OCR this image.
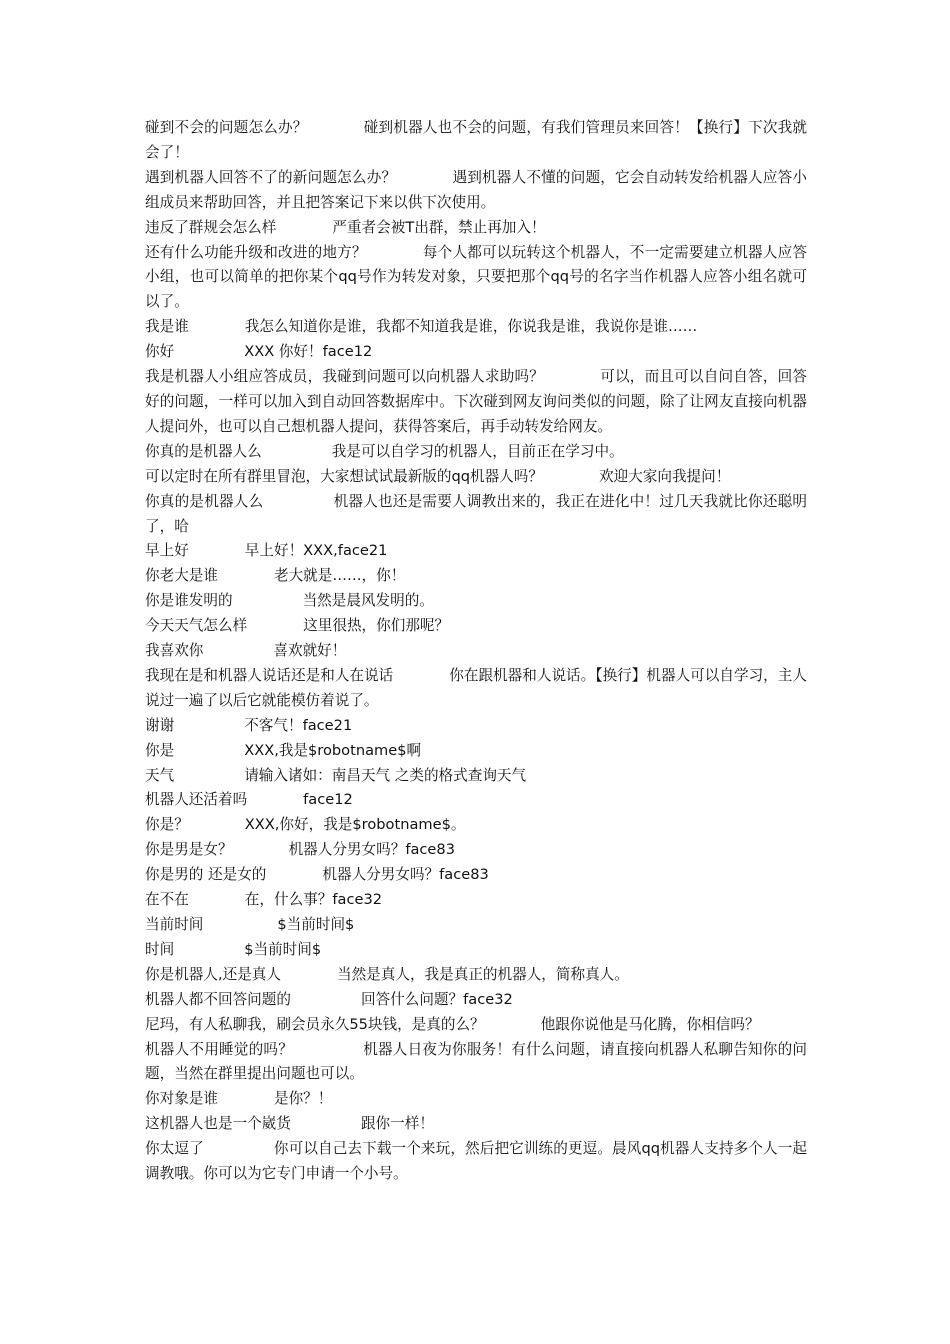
碰到不会的问题怎么办？	碰到机器人也不会的问题，有我们管理员来回答！【换行】下次我就会了！

遇到机器人回答不了的新问题怎么办？	遇到机器人不懂的问题，它会自动转发给机器人应答小组成员来帮助回答，并且把答案记下来以供下次使用。

违反了群规会怎么样	严重者会被T出群，禁止再加入！

还有什么功能升级和改进的地方？	每个人都可以玩转这个机器人，不一定需要建立机器人应答小组，也可以简单的把你某个qq号作为转发对象，只要把那个qq号的名字当作机器人应答小组名就可以了。

我是谁	我怎么知道你是谁，我都不知道我是谁，你说我是谁，我说你是谁……

你好	XXX 你好！face12

我是机器人小组应答成员，我碰到问题可以向机器人求助吗？	可以，而且可以自问自答，回答好的问题，一样可以加入到自动回答数据库中。下次碰到网友询问类似的问题，除了让网友直接向机器人提问外，也可以自己想机器人提问，获得答案后，再手动转发给网友。

你真的是机器人么	我是可以自学习的机器人，目前正在学习中。

可以定时在所有群里冒泡，大家想试试最新版的qq机器人吗？	欢迎大家向我提问！

你真的是机器人么	机器人也还是需要人调教出来的，我正在进化中！过几天我就比你还聪明了，哈

早上好	早上好！XXX,face21

你老大是谁	老大就是……，你！

你是谁发明的	当然是晨风发明的。

今天天气怎么样	这里很热，你们那呢？

我喜欢你	喜欢就好！

我现在是和机器人说话还是和人在说话	你在跟机器和人说话。【换行】机器人可以自学习，主人说过一遍了以后它就能模仿着说了。

谢谢	不客气！face21

你是	XXX,我是$robotname$啊

天气	请输入诸如：南昌天气 之类的格式查询天气

机器人还活着吗	face12

你是？	XXX,你好，我是$robotname$。

你是男是女？	机器人分男女吗？face83

你是男的 还是女的	机器人分男女吗？face83

在不在	在，什么事？face32

当前时间	$当前时间$

时间	$当前时间$

你是机器人,还是真人	当然是真人，我是真正的机器人，简称真人。

机器人都不回答问题的	回答什么问题？face32

尼玛，有人私聊我，刷会员永久55块钱，是真的么？	他跟你说他是马化腾，你相信吗？

机器人不用睡觉的吗？	机器人日夜为你服务！有什么问题，请直接向机器人私聊告知你的问题，当然在群里提出问题也可以。

你对象是谁	是你？！

这机器人也是一个崴货	跟你一样！

你太逗了	你可以自己去下载一个来玩，然后把它训练的更逗。晨风qq机器人支持多个人一起调教哦。你可以为它专门申请一个小号。
